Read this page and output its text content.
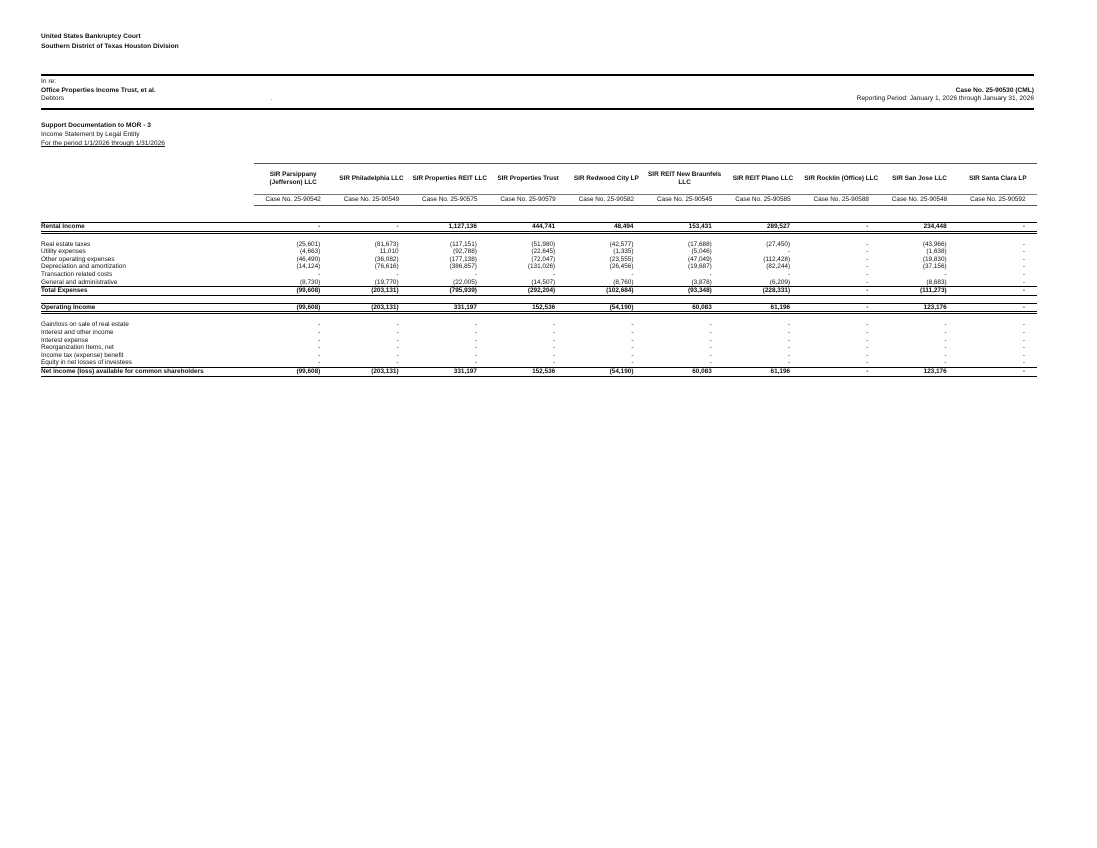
United States Bankruptcy Court
Southern District of Texas Houston Division
In re:
Office Properties Income Trust, et al.
Debtors	.
Case No. 25-90530 (CML)
Reporting Period: January 1, 2026 through January 31, 2026
Support Documentation to MOR - 3
Income Statement by Legal Entity
For the period 1/1/2026 through 1/31/2026
	SIR Parsippany (Jefferson) LLC	SIR Philadelphia LLC	SIR Properties REIT LLC	SIR Properties Trust	SIR Redwood City LP	SIR REIT New Braunfels LLC	SIR REIT Plano LLC	SIR Rocklin (Office) LLC	SIR San Jose LLC	SIR Santa Clara LP
	Case No. 25-90542	Case No. 25-90549	Case No. 25-90575	Case No. 25-90579	Case No. 25-90582	Case No. 25-90545	Case No. 25-90585	Case No. 25-90588	Case No. 25-90548	Case No. 25-90592

Rental Income	-	-	1,127,136	444,741	48,494	153,431	289,527	-	234,448	-

Real estate taxes	(25,601)	(81,673)	(117,151)	(51,980)	(42,577)	(17,688)	(27,450)	-	(43,966)	-
Utility expenses	(4,663)	11,010	(92,788)	(22,645)	(1,335)	(5,046)	-	-	(1,638)	-
Other operating expenses	(46,490)	(36,082)	(177,138)	(72,047)	(23,555)	(47,049)	(112,428)	-	(19,830)	-
Depreciation and amortization	(14,124)	(76,616)	(386,857)	(131,026)	(26,456)	(19,687)	(82,244)	-	(37,156)	-
Transaction related costs	-	-	-	-	-	-	-	-	-	-
General and administrative	(8,730)	(19,770)	(22,005)	(14,507)	(8,760)	(3,878)	(6,209)	-	(8,683)	-
Total Expenses	(99,608)	(203,131)	(795,939)	(292,204)	(102,684)	(93,348)	(228,331)	-	(111,273)	-

Operating Income	(99,608)	(203,131)	331,197	152,536	(54,190)	60,083	61,196	-	123,176	-

Gain/loss on sale of real estate	-	-	-	-	-	-	-	-	-	-
Interest and other income	-	-	-	-	-	-	-	-	-	-
Interest expense	-	-	-	-	-	-	-	-	-	-
Reorganization Items, net	-	-	-	-	-	-	-	-	-	-
Income tax (expense) benefit	-	-	-	-	-	-	-	-	-	-
Equity in net losses of investees	-	-	-	-	-	-	-	-	-	-
Net income (loss) available for common shareholders	(99,608)	(203,131)	331,197	152,536	(54,190)	60,083	61,196	-	123,176	-
